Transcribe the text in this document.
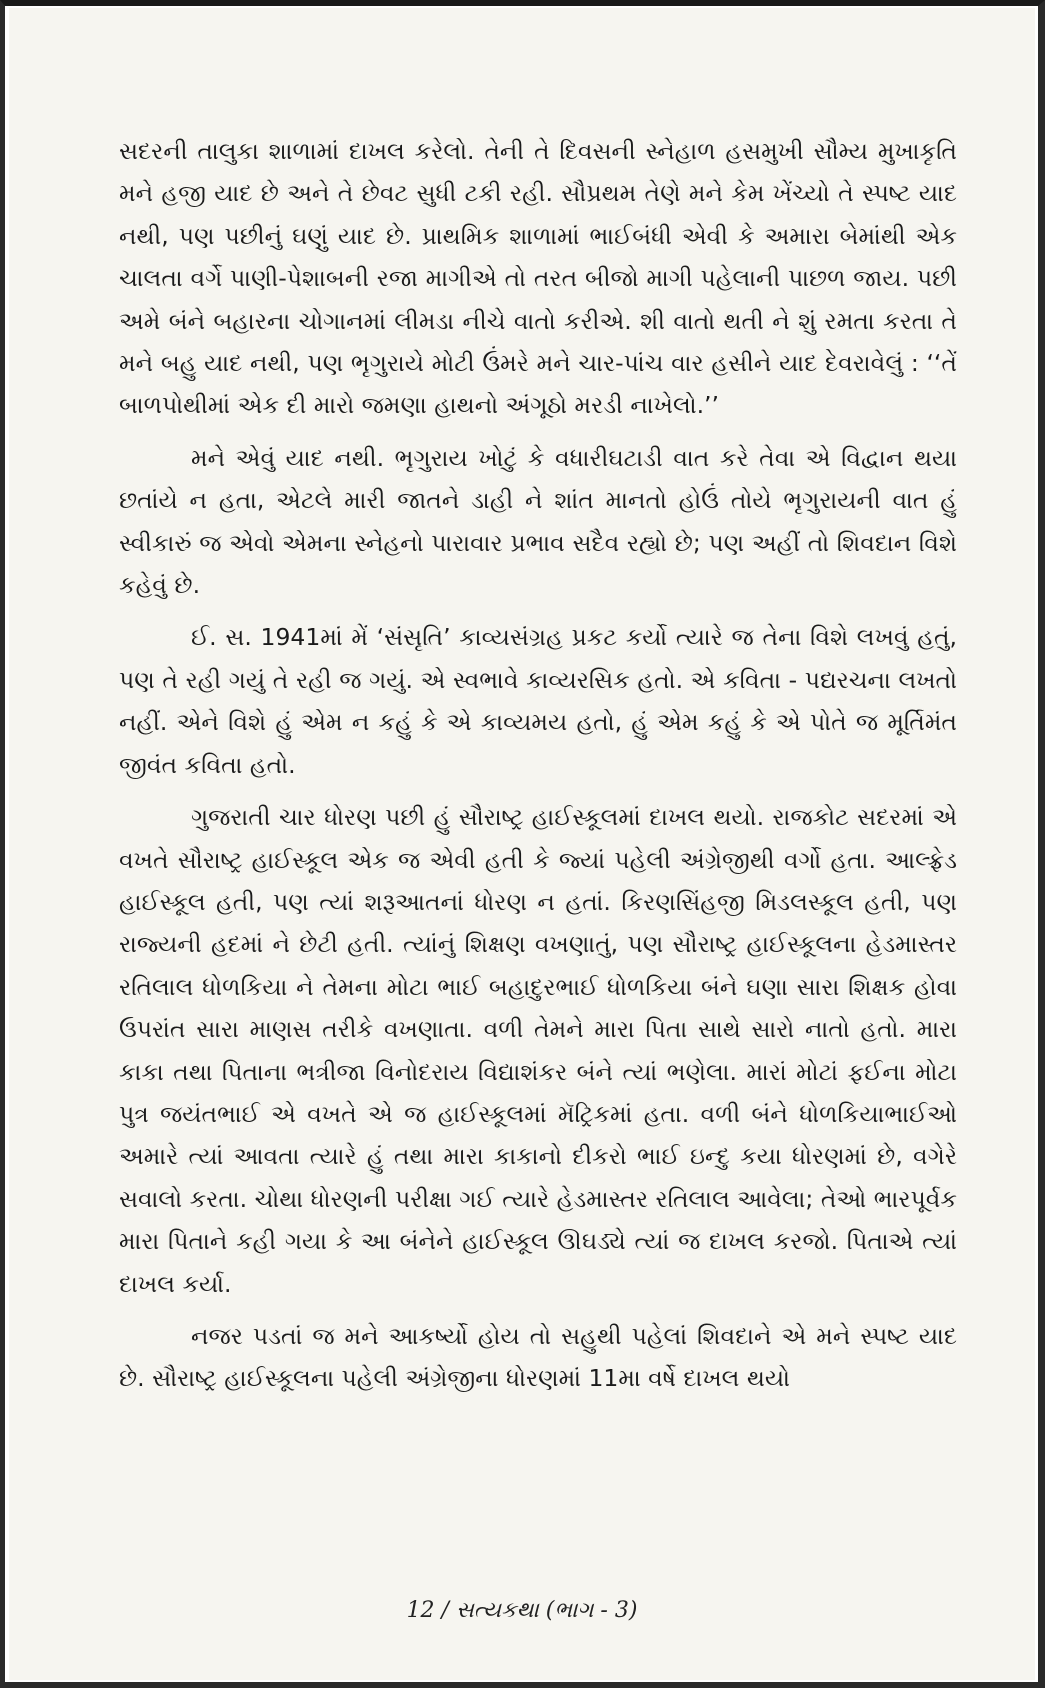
સદરની તાલુકા શાળામાં દાખલ કરેલો. તેની તે દિવસની સ્નેહાળ હસમુખી સૌમ્ય મુખાકૃતિ મને હજી યાદ છે અને તે છેવટ સુધી ટકી રહી. સૌપ્રથમ તેણે મને કેમ ખેંચ્યો તે સ્પષ્ટ યાદ નથી, પણ પછીનું ઘણું યાદ છે. પ્રાથમિક શાળામાં ભાઈબંધી એવી કે અમારા બેમાંથી એક ચાલતા વર્ગે પાણી-પેશાબની રજા માગીએ તો તરત બીજો માગી પહેલાની પાછળ જાય. પછી અમે બંને બહારના ચોગાનમાં લીમડા નીચે વાતો કરીએ. શી વાતો થતી ને શું રમતા કરતા તે મને બહુ યાદ નથી, પણ ભૃગુરાયે મોટી ઉંમરે મને ચાર-પાંચ વાર હસીને યાદ દેવરાવેલું : ‘‘તેં બાળપોથીમાં એક દી મારો જમણા હાથનો અંગૂઠો મરડી નાખેલો.’’

મને એવું યાદ નથી. ભૃગુરાય ખોટું કે વધારીઘટાડી વાત કરે તેવા એ વિદ્વાન થયા છતાંયે ન હતા, એટલે મારી જાતને ડાહી ને શાંત માનતો હોઉં તોયે ભૃગુરાયની વાત હું સ્વીકારું જ એવો એમના સ્નેહનો પારાવાર પ્રભાવ સદૈવ રહ્યો છે; પણ અહીં તો શિવદાન વિશે કહેવું છે.

ઈ. સ. 1941માં મેં ‘સંસૃતિ’ કાવ્યસંગ્રહ પ્રકટ કર્યો ત્યારે જ તેના વિશે લખવું હતું, પણ તે રહી ગયું તે રહી જ ગયું. એ સ્વભાવે કાવ્યરસિક હતો. એ કવિતા - પદ્યરચના લખતો નહીં. એને વિશે હું એમ ન કહું કે એ કાવ્યમય હતો, હું એમ કહું કે એ પોતે જ મૂર્તિમંત જીવંત કવિતા હતો.

ગુજરાતી ચાર ધોરણ પછી હું સૌરાષ્ટ્ર હાઈસ્કૂલમાં દાખલ થયો. રાજકોટ સદરમાં એ વખતે સૌરાષ્ટ્ર હાઈસ્કૂલ એક જ એવી હતી કે જ્યાં પહેલી અંગ્રેજીથી વર્ગો હતા. આલ્ફ્રેડ હાઈસ્કૂલ હતી, પણ ત્યાં શરૂઆતનાં ધોરણ ન હતાં. કિરણસિંહજી મિડલસ્કૂલ હતી, પણ રાજ્યની હદમાં ને છેટી હતી. ત્યાંનું શિક્ષણ વખણાતું, પણ સૌરાષ્ટ્ર હાઈસ્કૂલના હેડમાસ્તર રતિલાલ ધોળકિયા ને તેમના મોટા ભાઈ બહાદુરભાઈ ધોળકિયા બંને ઘણા સારા શિક્ષક હોવા ઉપરાંત સારા માણસ તરીકે વખણાતા. વળી તેમને મારા પિતા સાથે સારો નાતો હતો. મારા કાકા તથા પિતાના ભત્રીજા વિનોદરાય વિદ્યાશંકર બંને ત્યાં ભણેલા. મારાં મોટાં ફઈના મોટા પુત્ર જયંતભાઈ એ વખતે એ જ હાઈસ્કૂલમાં મૅટ્રિકમાં હતા. વળી બંને ધોળકિયાભાઈઓ અમારે ત્યાં આવતા ત્યારે હું તથા મારા કાકાનો દીકરો ભાઈ ઇન્દુ કયા ધોરણમાં છે, વગેરે સવાલો કરતા. ચોથા ધોરણની પરીક્ષા ગઈ ત્યારે હેડમાસ્તર રતિલાલ આવેલા; તેઓ ભારપૂર્વક મારા પિતાને કહી ગયા કે આ બંનેને હાઈસ્કૂલ ઊઘડ્યે ત્યાં જ દાખલ કરજો. પિતાએ ત્યાં દાખલ કર્યા.

નજર પડતાં જ મને આકર્ષ્યો હોય તો સહુથી પહેલાં શિવદાને એ મને સ્પષ્ટ યાદ છે. સૌરાષ્ટ્ર હાઈસ્કૂલના પહેલી અંગ્રેજીના ધોરણમાં 11મા વર્ષે દાખલ થયો

12 / સત્યકથા (ભાગ - 3)
